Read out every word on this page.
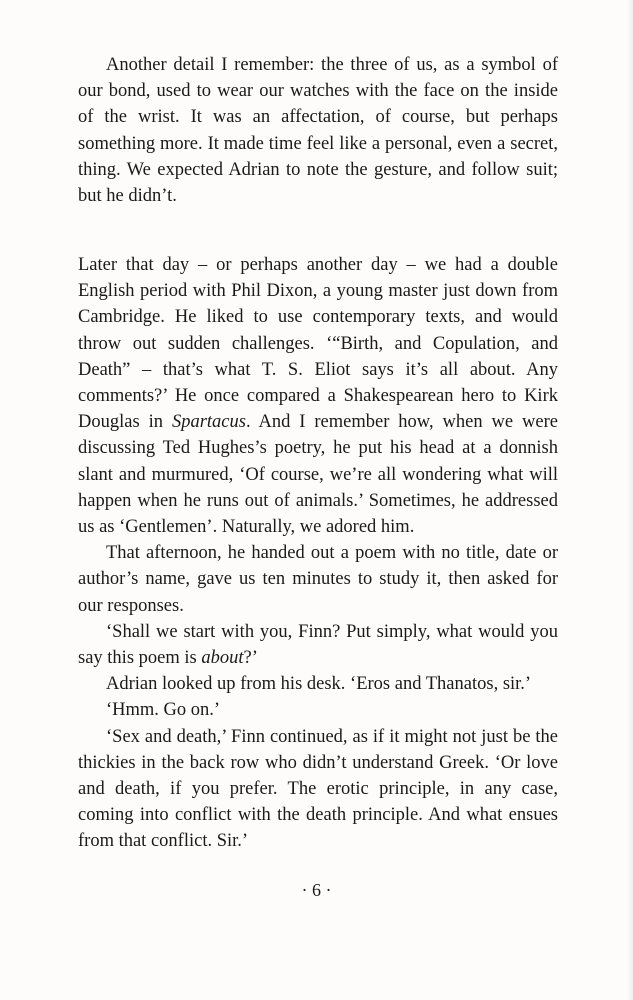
Another detail I remember: the three of us, as a symbol of our bond, used to wear our watches with the face on the inside of the wrist. It was an affectation, of course, but perhaps something more. It made time feel like a personal, even a secret, thing. We expected Adrian to note the gesture, and follow suit; but he didn’t.

Later that day – or perhaps another day – we had a double English period with Phil Dixon, a young master just down from Cambridge. He liked to use contemporary texts, and would throw out sudden challenges. ‘“Birth, and Copulation, and Death” – that’s what T. S. Eliot says it’s all about. Any comments?’ He once compared a Shakespearean hero to Kirk Douglas in Spartacus. And I remember how, when we were discussing Ted Hughes’s poetry, he put his head at a donnish slant and murmured, ‘Of course, we’re all wondering what will happen when he runs out of animals.’ Sometimes, he addressed us as ‘Gentlemen’. Naturally, we adored him.

That afternoon, he handed out a poem with no title, date or author’s name, gave us ten minutes to study it, then asked for our responses.

‘Shall we start with you, Finn? Put simply, what would you say this poem is about?’

Adrian looked up from his desk. ‘Eros and Thanatos, sir.’

‘Hmm. Go on.’

‘Sex and death,’ Finn continued, as if it might not just be the thickies in the back row who didn’t understand Greek. ‘Or love and death, if you prefer. The erotic principle, in any case, coming into conflict with the death principle. And what ensues from that conflict. Sir.’

· 6 ·
